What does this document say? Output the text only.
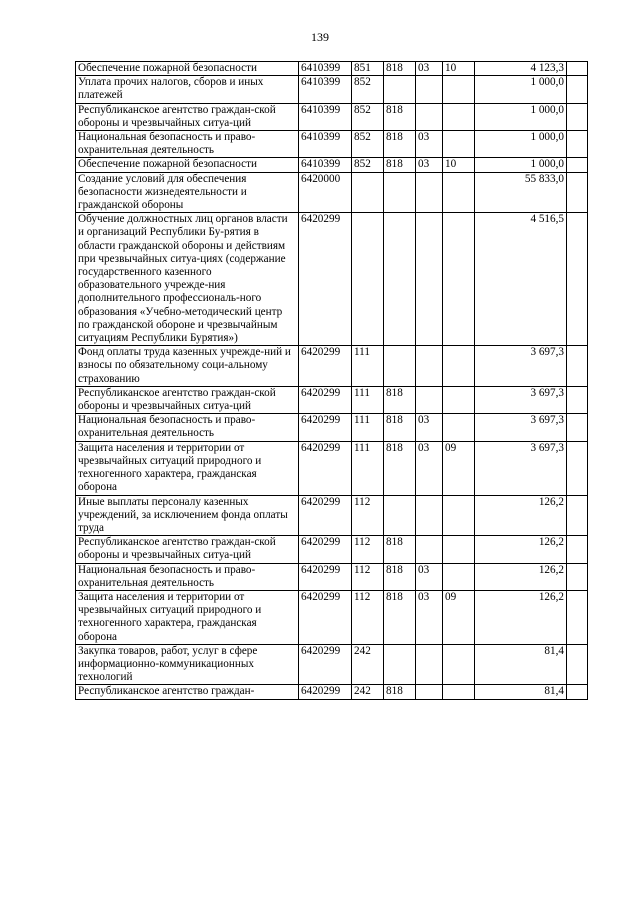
139
Обеспечение пожарной безопасности	6410399	851	818	03	10	4 123,3	
Уплата прочих налогов, сборов и иных платежей	6410399	852				1 000,0	
Республиканское агентство граждан-ской обороны и чрезвычайных ситуа-ций	6410399	852	818			1 000,0	
Национальная безопасность и право-охранительная деятельность	6410399	852	818	03		1 000,0	
Обеспечение пожарной безопасности	6410399	852	818	03	10	1 000,0	
Создание условий для обеспечения безопасности жизнедеятельности и гражданской обороны	6420000					55 833,0	
Обучение должностных лиц органов власти и организаций Республики Бу-рятия в области гражданской обороны и действиям при чрезвычайных ситуа-циях (содержание государственного казенного образовательного учрежде-ния дополнительного профессиональ-ного образования «Учебно-методический центр по гражданской обороне и чрезвычайным ситуациям Республики Бурятия»)	6420299					4 516,5	
Фонд оплаты труда казенных учрежде-ний и взносы по обязательному соци-альному страхованию	6420299	111				3 697,3	
Республиканское агентство граждан-ской обороны и чрезвычайных ситуа-ций	6420299	111	818			3 697,3	
Национальная безопасность и право-охранительная деятельность	6420299	111	818	03		3 697,3	
Защита населения и территории от чрезвычайных ситуаций природного и техногенного характера, гражданская оборона	6420299	111	818	03	09	3 697,3	
Иные выплаты персоналу казенных учреждений, за исключением фонда оплаты труда	6420299	112				126,2	
Республиканское агентство граждан-ской обороны и чрезвычайных ситуа-ций	6420299	112	818			126,2	
Национальная безопасность и право-охранительная деятельность	6420299	112	818	03		126,2	
Защита населения и территории от чрезвычайных ситуаций природного и техногенного характера, гражданская оборона	6420299	112	818	03	09	126,2	
Закупка товаров, работ, услуг в сфере информационно-коммуникационных технологий	6420299	242				81,4	
Республиканское агентство граждан-	6420299	242	818			81,4	
